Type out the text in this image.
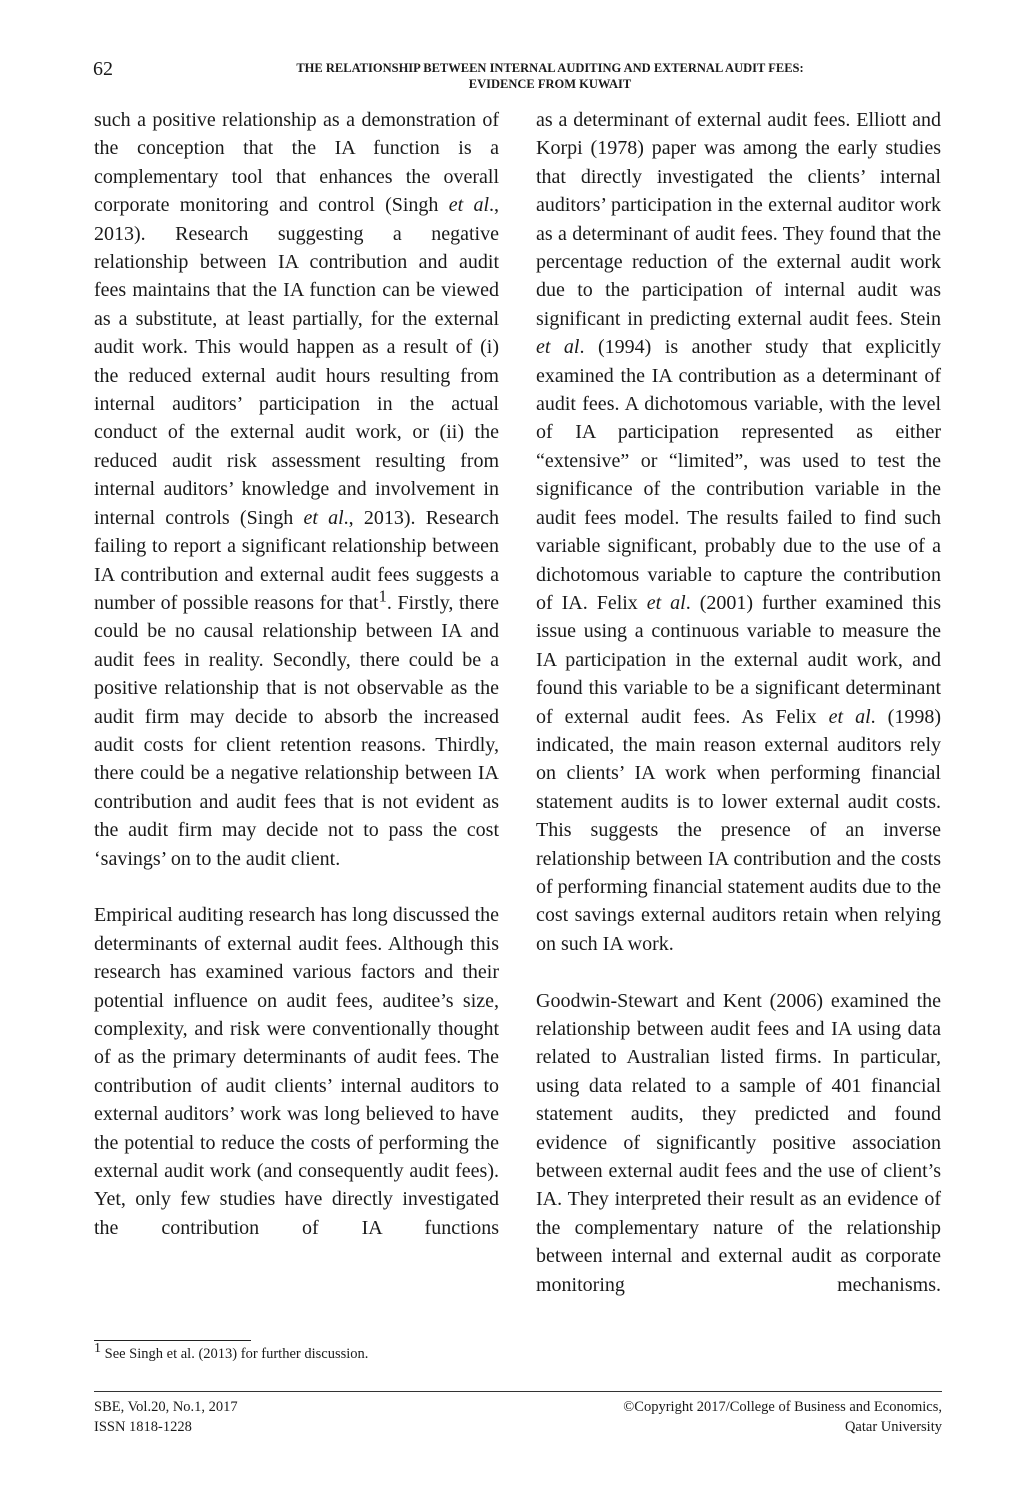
62	THE RELATIONSHIP BETWEEN INTERNAL AUDITING AND EXTERNAL AUDIT FEES:
EVIDENCE FROM KUWAIT

such a positive relationship as a demonstration of the conception that the IA function is a complementary tool that enhances the overall corporate monitoring and control (Singh et al., 2013). Research suggesting a negative relationship between IA contribution and audit fees maintains that the IA function can be viewed as a substitute, at least partially, for the external audit work. This would happen as a result of (i) the reduced external audit hours resulting from internal auditors’ participation in the actual conduct of the external audit work, or (ii) the reduced audit risk assessment resulting from internal auditors’ knowledge and involvement in internal controls (Singh et al., 2013). Research failing to report a significant relationship between IA contribution and external audit fees suggests a number of possible reasons for that$^1$. Firstly, there could be no causal relationship between IA and audit fees in reality. Secondly, there could be a positive relationship that is not observable as the audit firm may decide to absorb the increased audit costs for client retention reasons. Thirdly, there could be a negative relationship between IA contribution and audit fees that is not evident as the audit firm may decide not to pass the cost ‘savings’ on to the audit client.

Empirical auditing research has long discussed the determinants of external audit fees. Although this research has examined various factors and their potential influence on audit fees, auditee’s size, complexity, and risk were conventionally thought of as the primary determinants of audit fees. The contribution of audit clients’ internal auditors to external auditors’ work was long believed to have the potential to reduce the costs of performing the external audit work (and consequently audit fees). Yet, only few studies have directly investigated the contribution of IA functions

as a determinant of external audit fees. Elliott and Korpi (1978) paper was among the early studies that directly investigated the clients’ internal auditors’ participation in the external auditor work as a determinant of audit fees. They found that the percentage reduction of the external audit work due to the participation of internal audit was significant in predicting external audit fees. Stein et al. (1994) is another study that explicitly examined the IA contribution as a determinant of audit fees. A dichotomous variable, with the level of IA participation represented as either “extensive” or “limited”, was used to test the significance of the contribution variable in the audit fees model. The results failed to find such variable significant, probably due to the use of a dichotomous variable to capture the contribution of IA. Felix et al. (2001) further examined this issue using a continuous variable to measure the IA participation in the external audit work, and found this variable to be a significant determinant of external audit fees. As Felix et al. (1998) indicated, the main reason external auditors rely on clients’ IA work when performing financial statement audits is to lower external audit costs. This suggests the presence of an inverse relationship between IA contribution and the costs of performing financial statement audits due to the cost savings external auditors retain when relying on such IA work.

Goodwin-Stewart and Kent (2006) examined the relationship between audit fees and IA using data related to Australian listed firms. In particular, using data related to a sample of 401 financial statement audits, they predicted and found evidence of significantly positive association between external audit fees and the use of client’s IA. They interpreted their result as an evidence of the complementary nature of the relationship between internal and external audit as corporate monitoring mechanisms.

$^1$ See Singh et al. (2013) for further discussion.
SBE, Vol.20, No.1, 2017
ISSN 1818-1228
©Copyright 2017/College of Business and Economics,
Qatar University
